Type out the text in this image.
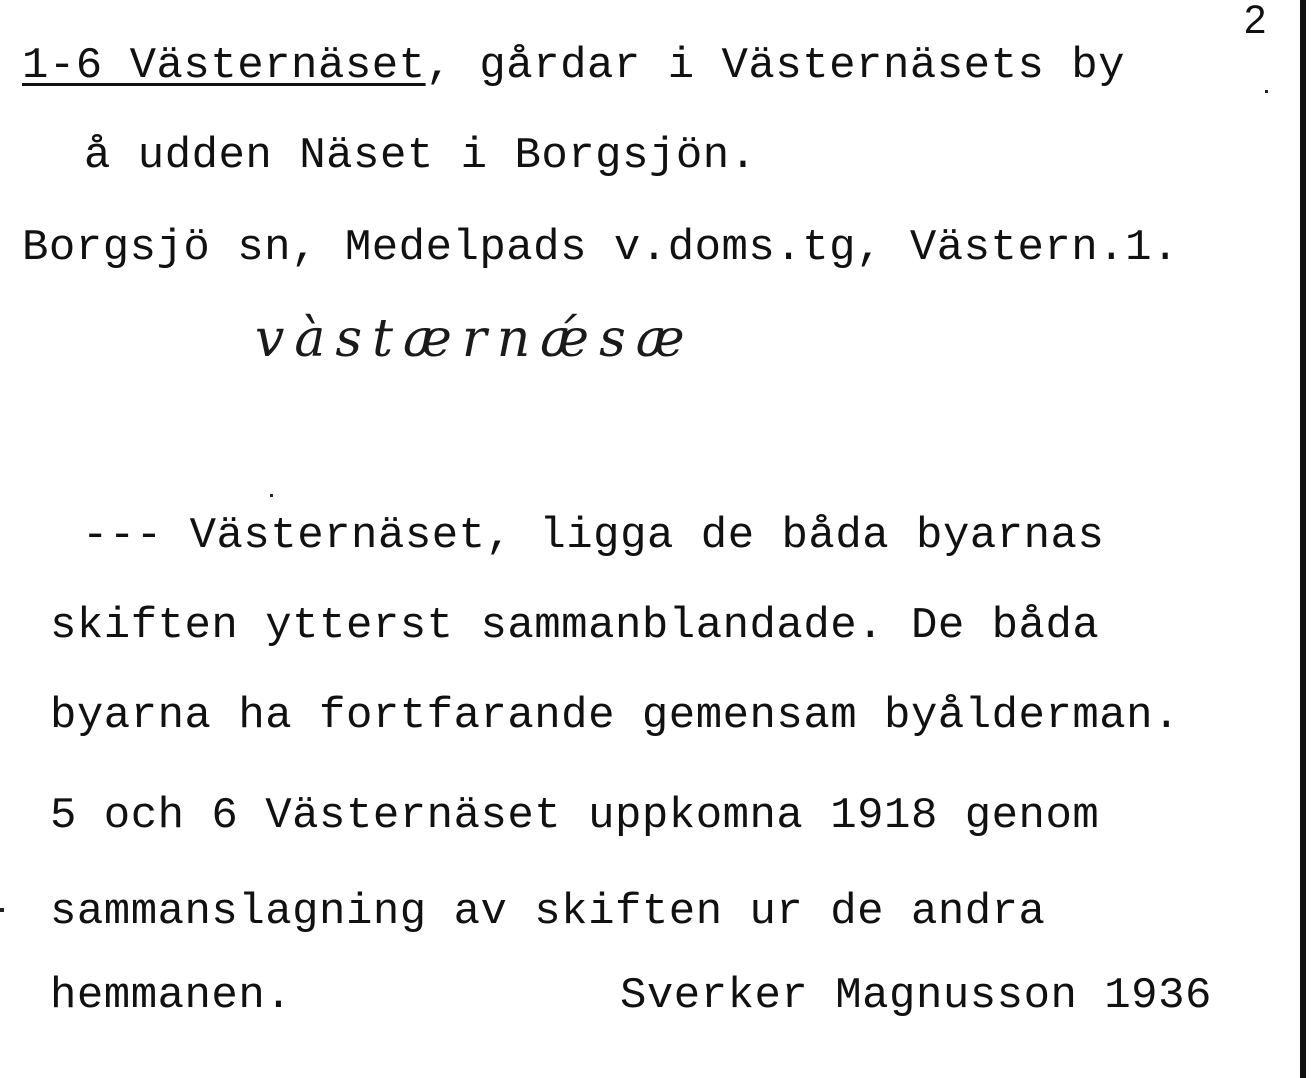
2
1-6 Västernäset, gårdar i Västernäsets by
å udden Näset i Borgsjön.
Borgsjö sn, Medelpads v.doms.tg, Västern.1.
vàstærnǽsæ
--- Västernäset, ligga de båda byarnas
skiften ytterst sammanblandade. De båda
byarna ha fortfarande gemensam byålderman.
5 och 6 Västernäset uppkomna 1918 genom
sammanslagning av skiften ur de andra
hemmanen.	Sverker Magnusson 1936
